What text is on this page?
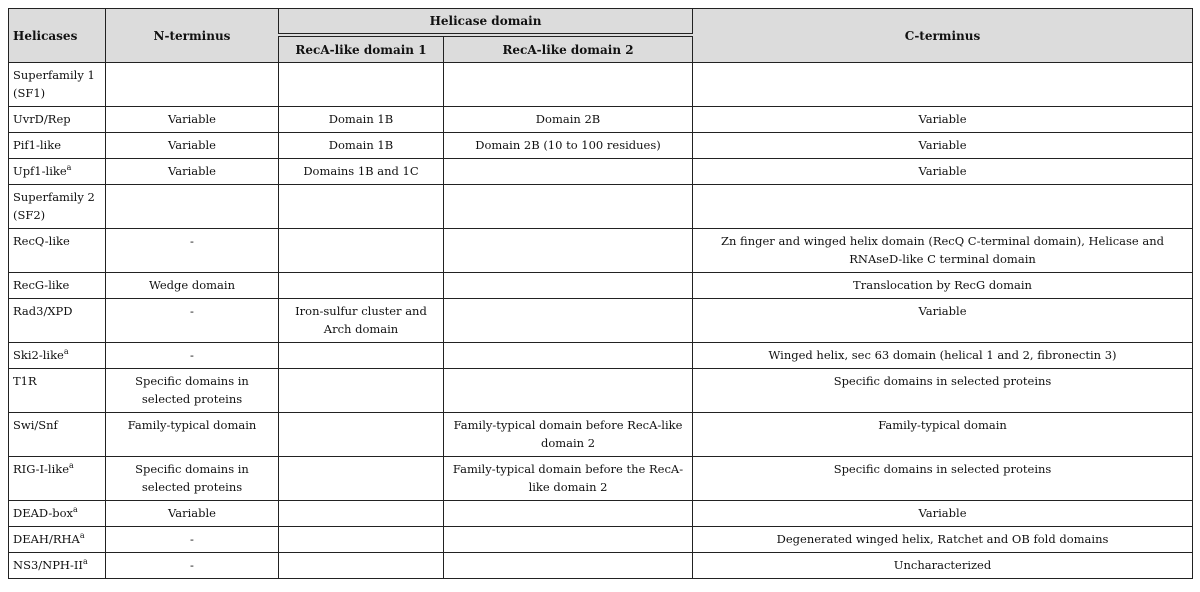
Helicases	N-terminus	Helicase domain		C-terminus
		RecA-like domain 1	RecA-like domain 2	
Superfamily 1 (SF1)				
UvrD/Rep	Variable	Domain 1B	Domain 2B	Variable
Pif1-like	Variable	Domain 1B	Domain 2B (10 to 100 residues)	Variable
Upf1-like$^a$	Variable	Domains 1B and 1C		Variable
Superfamily 2 (SF2)				
RecQ-like	-			Zn finger and winged helix domain (RecQ C-terminal domain), Helicase and RNAseD-like C terminal domain
RecG-like	Wedge domain			Translocation by RecG domain
Rad3/XPD	-	Iron-sulfur cluster and Arch domain		Variable
Ski2-like$^a$	-			Winged helix, sec 63 domain (helical 1 and 2, fibronectin 3)
T1R	Specific domains in selected proteins			Specific domains in selected proteins
Swi/Snf	Family-typical domain		Family-typical domain before RecA-like domain 2	Family-typical domain
RIG-I-like$^a$	Specific domains in selected proteins		Family-typical domain before the RecA-like domain 2	Specific domains in selected proteins
DEAD-box$^a$	Variable			Variable
DEAH/RHA$^a$	-			Degenerated winged helix, Ratchet and OB fold domains
$NS3/NPH-II^a$	-			Uncharacterized
